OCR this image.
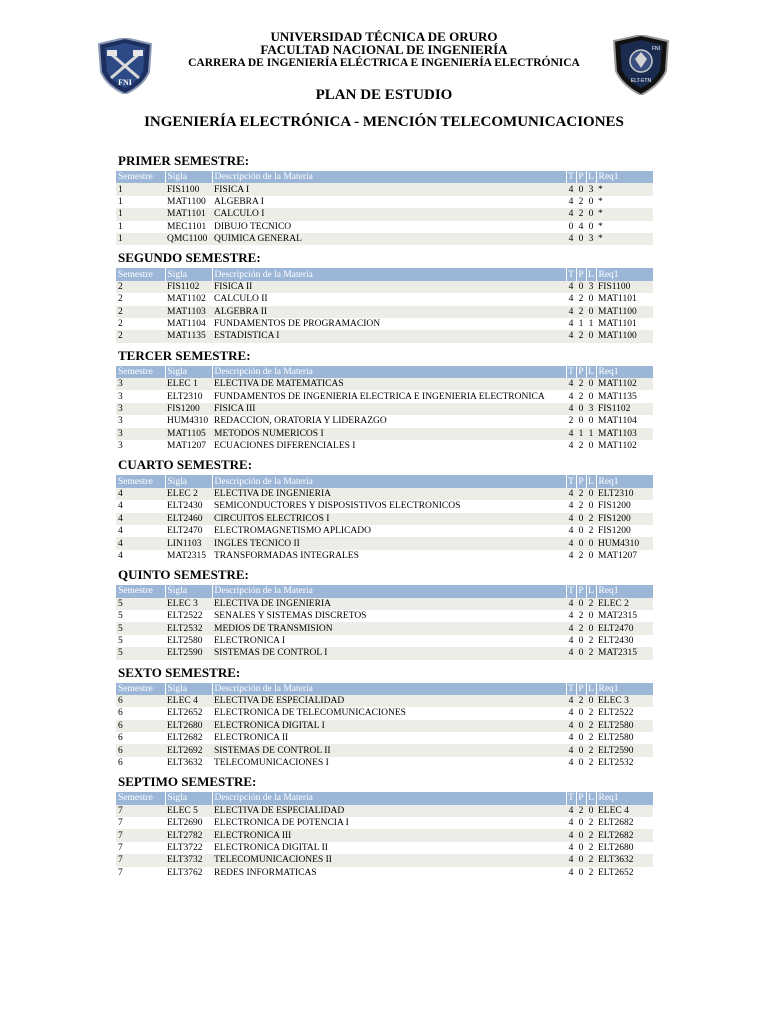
FNI
FNI
ELT-ETN
UNIVERSIDAD TÉCNICA DE ORURO
FACULTAD NACIONAL DE INGENIERÍA
CARRERA DE INGENIERÍA ELÉCTRICA E INGENIERÍA ELECTRÓNICA
PLAN DE ESTUDIO
INGENIERÍA ELECTRÓNICA - MENCIÓN TELECOMUNICACIONES
PRIMER SEMESTRE:
Semestre	Sigla	Descripción de la Materia	T	P	L	Req1
1	FIS1100	FISICA I	4	0	3	*
1	MAT1100	ALGEBRA I	4	2	0	*
1	MAT1101	CALCULO I	4	2	0	*
1	MEC1101	DIBUJO TECNICO	0	4	0	*
1	QMC1100	QUIMICA GENERAL	4	0	3	*
SEGUNDO SEMESTRE:
Semestre	Sigla	Descripción de la Materia	T	P	L	Req1
2	FIS1102	FISICA II	4	0	3	FIS1100
2	MAT1102	CALCULO II	4	2	0	MAT1101
2	MAT1103	ALGEBRA II	4	2	0	MAT1100
2	MAT1104	FUNDAMENTOS DE PROGRAMACION	4	1	1	MAT1101
2	MAT1135	ESTADISTICA I	4	2	0	MAT1100
TERCER SEMESTRE:
Semestre	Sigla	Descripción de la Materia	T	P	L	Req1
3	ELEC 1	ELECTIVA DE MATEMATICAS	4	2	0	MAT1102
3	ELT2310	FUNDAMENTOS DE INGENIERIA ELECTRICA E INGENIERIA ELECTRONICA	4	2	0	MAT1135
3	FIS1200	FISICA III	4	0	3	FIS1102
3	HUM4310	REDACCION, ORATORIA Y LIDERAZGO	2	0	0	MAT1104
3	MAT1105	METODOS NUMERICOS I	4	1	1	MAT1103
3	MAT1207	ECUACIONES DIFERENCIALES I	4	2	0	MAT1102
CUARTO SEMESTRE:
Semestre	Sigla	Descripción de la Materia	T	P	L	Req1
4	ELEC 2	ELECTIVA DE INGENIERIA	4	2	0	ELT2310
4	ELT2430	SEMICONDUCTORES Y DISPOSISTIVOS ELECTRONICOS	4	2	0	FIS1200
4	ELT2460	CIRCUITOS ELECTRICOS I	4	0	2	FIS1200
4	ELT2470	ELECTROMAGNETISMO APLICADO	4	0	2	FIS1200
4	LIN1103	INGLES TECNICO II	4	0	0	HUM4310
4	MAT2315	TRANSFORMADAS INTEGRALES	4	2	0	MAT1207
QUINTO SEMESTRE:
Semestre	Sigla	Descripción de la Materia	T	P	L	Req1
5	ELEC 3	ELECTIVA DE INGENIERIA	4	0	2	ELEC 2
5	ELT2522	SENALES Y SISTEMAS DISCRETOS	4	2	0	MAT2315
5	ELT2532	MEDIOS DE TRANSMISION	4	2	0	ELT2470
5	ELT2580	ELECTRONICA I	4	0	2	ELT2430
5	ELT2590	SISTEMAS DE CONTROL I	4	0	2	MAT2315
SEXTO SEMESTRE:
Semestre	Sigla	Descripción de la Materia	T	P	L	Req1
6	ELEC 4	ELECTIVA DE ESPECIALIDAD	4	2	0	ELEC 3
6	ELT2652	ELECTRONICA DE TELECOMUNICACIONES	4	0	2	ELT2522
6	ELT2680	ELECTRONICA DIGITAL I	4	0	2	ELT2580
6	ELT2682	ELECTRONICA II	4	0	2	ELT2580
6	ELT2692	SISTEMAS DE CONTROL II	4	0	2	ELT2590
6	ELT3632	TELECOMUNICACIONES I	4	0	2	ELT2532
SEPTIMO SEMESTRE:
Semestre	Sigla	Descripción de la Materia	T	P	L	Req1
7	ELEC 5	ELECTIVA DE ESPECIALIDAD	4	2	0	ELEC 4
7	ELT2690	ELECTRONICA DE POTENCIA I	4	0	2	ELT2682
7	ELT2782	ELECTRONICA III	4	0	2	ELT2682
7	ELT3722	ELECTRONICA DIGITAL II	4	0	2	ELT2680
7	ELT3732	TELECOMUNICACIONES II	4	0	2	ELT3632
7	ELT3762	REDES INFORMATICAS	4	0	2	ELT2652
